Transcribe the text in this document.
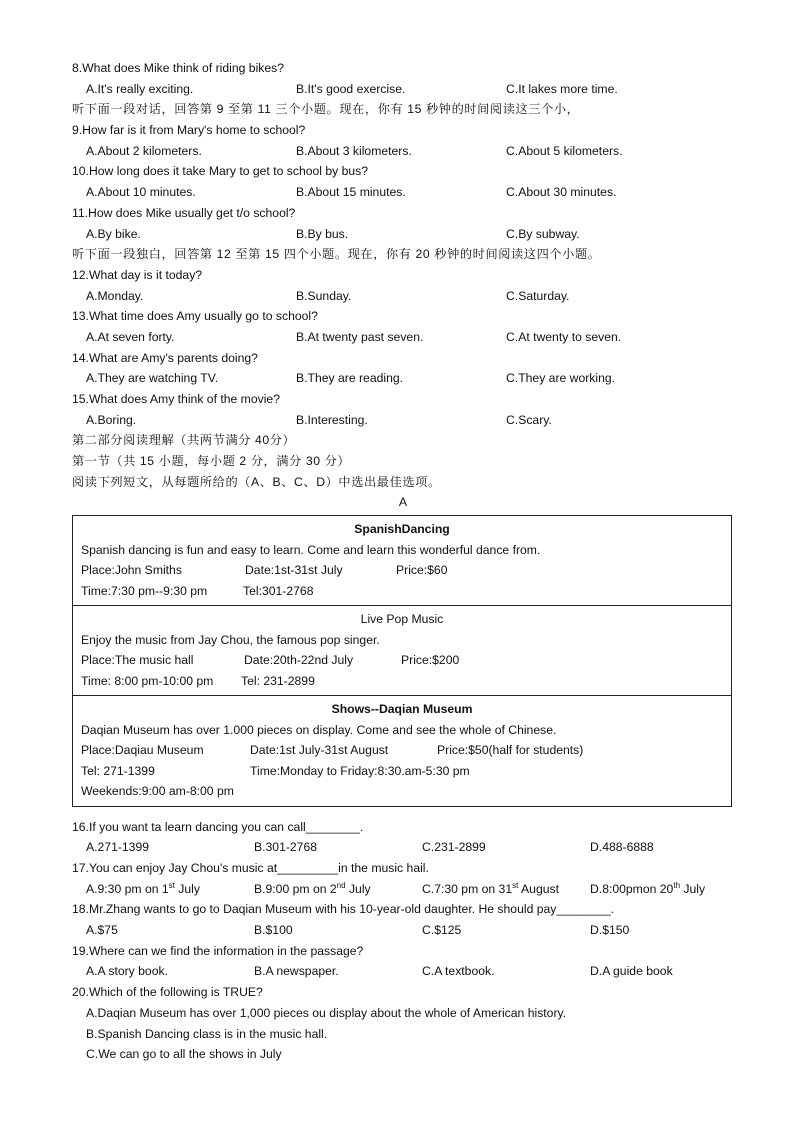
8.What does Mike think of riding bikes?
A.It's really exciting.	B.It's good exercise.	C.It lakes more time.
听下面一段对话，回答第 9 至第 11 三个小题。现在，你有 15 秒钟的时间阅读这三个小，
9.How far is it from Mary's home to school?
A.About 2 kilometers.	B.About 3 kilometers.	C.About 5 kilometers.
10.How long does it take Mary to get to school by bus?
A.About 10 minutes.	B.About 15 minutes.	C.About 30 minutes.
11.How does Mike usually get t/o school?
A.By bike.	B.By bus.	C.By subway.
听下面一段独白，回答第 12 至第 15 四个小题。现在，你有 20 秒钟的时间阅读这四个小题。
12.What day is it today?
A.Monday.	B.Sunday.	C.Saturday.
13.What time does Amy usually go to school?
A.At seven forty.	B.At twenty past seven.	C.At twenty to seven.
14.What are Amy's parents doing?
A.They are watching TV.	B.They are reading.	C.They are working.
15.What does Amy think of the movie?
A.Boring.	B.Interesting.	C.Scary.
第二部分阅读理解（共两节满分 40分）
第一节（共 15 小题，每小题 2 分，满分 30 分）
阅读下列短文，从每题所给的（A、B、C、D）中选出最佳选项。
A
SpanishDancing
Spanish dancing is fun and easy to learn. Come and learn this wonderful dance from.
Place:John Smiths	Date:1st-31st July	Price:$60
Time:7:30 pm--9:30 pm	Tel:301-2768

Live Pop Music
Enjoy the music from Jay Chou, the famous pop singer.
Place:The music hall	Date:20th-22nd July	Price:$200
Time: 8:00 pm-10:00 pm Tel: 231-2899

Shows--Daqian Museum
Daqian Museum has over 1.000 pieces on display. Come and see the whole of Chinese.
Place:Daqiau Museum	Date:1st July-31st August	Price:$50(half for students)
Tel: 271-1399	Time:Monday to Friday:8:30.am-5:30 pm
Weekends:9:00 am-8:00 pm
16.If you want ta learn dancing you can call________.
A.271-1399	B.301-2768	C.231-2899	D.488-6888
17.You can enjoy Jay Chou's music at_________in the music hail.
A.9:30 pm on 1st July	B.9:00 pm on 2nd July	C.7:30 pm on 31st August	D.8:00pmon 20th July
18.Mr.Zhang wants to go to Daqian Museum with his 10-year-old daughter. He should pay________.
A.$75	B.$100	C.$125	D.$150
19.Where can we find the information in the passage?
A.A story book.	B.A newspaper.	C.A textbook.	D.A guide book
20.Which of the following is TRUE?
A.Daqian Museum has over 1,000 pieces ou display about the whole of American history.
B.Spanish Dancing class is in the music hall.
C.We can go to all the shows in July
